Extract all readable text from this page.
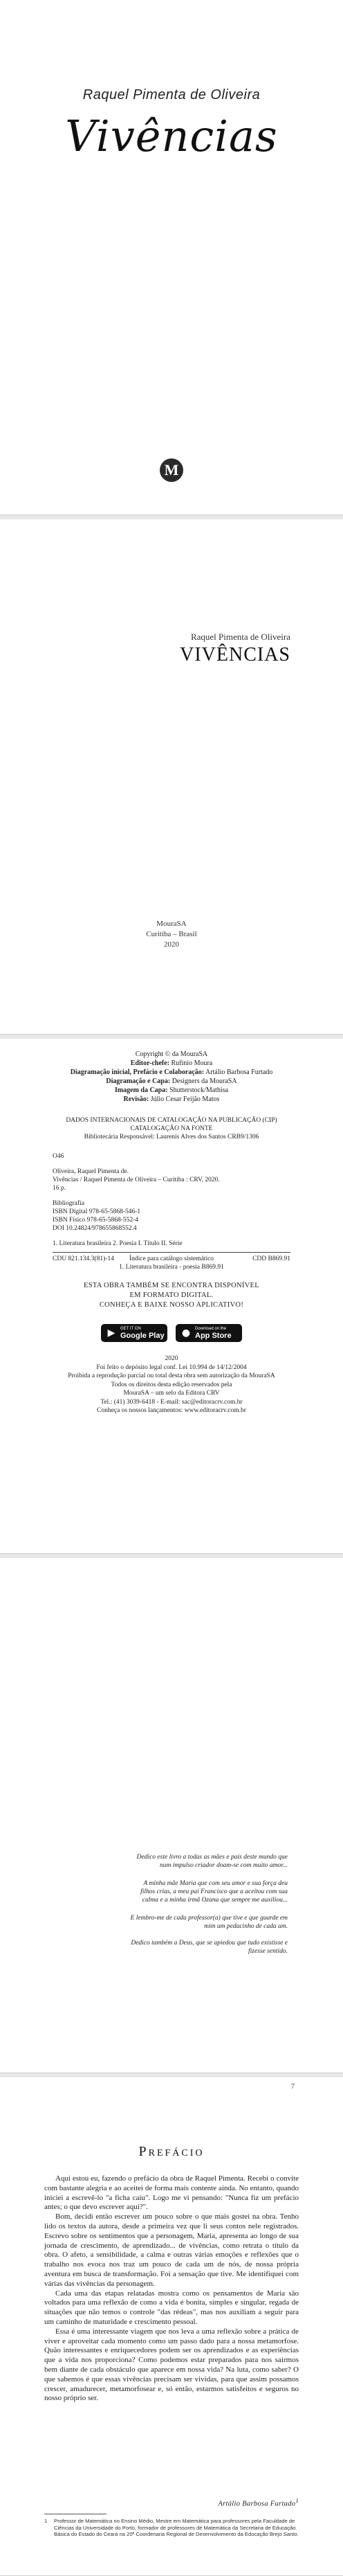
Raquel Pimenta de Oliveira
Vivências
M
Raquel Pimenta de Oliveira
VIVÊNCIAS
MouraSA
Curitiba – Brasil
2020
Copyright © da MouraSA
Editor-chefe: Rufinio Moura
Diagramação inicial, Prefácio e Colaboração: Artálio Barbosa Furtado
Diagramação e Capa: Designers da MouraSA
Imagem da Capa: Shutterstock/Mathisa
Revisão: Júlio Cesar Feijão Matos
DADOS INTERNACIONAIS DE CATALOGAÇÃO NA PUBLICAÇÃO (CIP)
CATALOGAÇÃO NA FONTE
Bibliotecária Responsável: Laurenis Alves dos Santos CRB9/1306
O46
Oliveira, Raquel Pimenta de.
Vivências / Raquel Pimenta de Oliveira – Curitiba : CRV, 2020.
16 p.
Bibliografia
ISBN Digital 978-65-5868-546-1
ISBN Físico 978-65-5868-552-4
DOI 10.24824/978655868552.4
1. Literatura brasileira 2. Poesia I. Título II. Série
CDU 821.134.3(81)-14	CDD B869.91
Índice para catálogo sistemático
1. Literatura brasileira - poesia B869.91
ESTA OBRA TAMBÉM SE ENCONTRA DISPONÍVEL
EM FORMATO DIGITAL.
CONHEÇA E BAIXE NOSSO APLICATIVO!
▶	GET IT ON
Google Play ●	Download on the
App Store
2020
Foi feito o depósito legal conf. Lei 10.994 de 14/12/2004
Proibida a reprodução parcial ou total desta obra sem autorização da MouraSA
Todos os direitos desta edição reservados pela
MouraSA – um selo da Editora CRV
Tel.: (41) 3039-6418 - E-mail: sac@editoracrv.com.br
Conheça os nossos lançamentos: www.editoracrv.com.br
Dedico este livro a todas as mães e pais deste mundo que num impulso criador doam-se com muito amor...
A minha mãe Maria que com seu amor e sua força deu filhos crias, a meu pai Francisco que a aceitou com sua calma e a minha irmã Ozana que sempre me auxiliou...
E lembro-me de cada professor(a) que tive e que guarde em mim um pedacinho de cada um.
Dedico também a Deus, que se apiedou que tudo existisse e fizesse sentido.
7
Prefácio

Aqui estou eu, fazendo o prefácio da obra de Raquel Pimenta. Recebi o convite com bastante alegria e ao aceitei de forma mais contente ainda. No entanto, quando iniciei a escrevê-lo "a ficha caiu". Logo me vi pensando: "Nunca fiz um prefácio antes; o que devo escrever aqui?".

Bom, decidi então escrever um pouco sobre o que mais gostei na obra. Tenho lido os textos da autora, desde a primeira vez que li seus contos nele registrados. Escrevo sobre os sentimentos que a personagem, Maria, apresenta ao longo de sua jornada de crescimento, de aprendizado... de vivências, como retrata o título da obra. O afeto, a sensibilidade, a calma e outras várias emoções e reflexões que o trabalho nos evoca nos traz um pouco de cada um de nós, de nossa própria aventura em busca de transformação. Foi a sensação que tive. Me identifiquei com várias das vivências da personagem.

Cada uma das etapas relatadas mostra como os pensamentos de Maria são voltados para uma reflexão de como a vida é bonita, simples e singular, regada de situações que não temos o controle "das rédeas", mas nos auxiliam a seguir para um caminho de maturidade e crescimento pessoal.

Essa é uma interessante viagem que nos leva a uma reflexão sobre a prática de viver e aproveitar cada momento como um passo dado para a nossa metamorfose. Quão interessantes e enriquecedores podem ser os aprendizados e as experiências que a vida nos proporciona? Como podemos estar preparados para nos sairmos bem diante de cada obstáculo que aparece em nossa vida? Na luta, como saber? O que sabemos é que essas vivências precisam ser vividas, para que assim possamos crescer, amadurecer, metamorfosear e, só então, estarmos satisfeitos e seguros no nosso próprio ser.

Artálio Barbosa Furtado$^1$
1	Professor de Matemática no Ensino Médio, Mestre em Matemática para professores pela Faculdade de Ciências da Universidade do Porto, formador de professores de Matemática da Secretaria de Educação Básica do Estado do Ceará na 20ª Coordenaria Regional de Desenvolvimento da Educação Brejo Santo.
